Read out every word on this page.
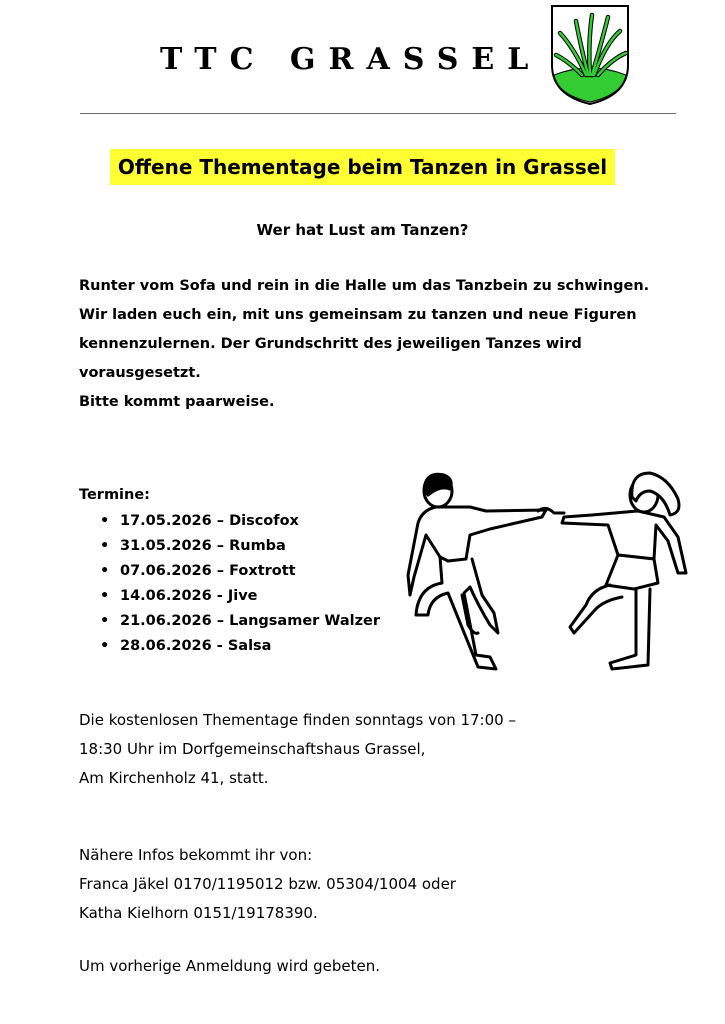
TTC GRASSEL
Offene Thementage beim Tanzen in Grassel
Wer hat Lust am Tanzen?

Runter vom Sofa und rein in die Halle um das Tanzbein zu schwingen.

Wir laden euch ein, mit uns gemeinsam zu tanzen und neue Figuren kennenzulernen. Der Grundschritt des jeweiligen Tanzes wird vorausgesetzt.

Bitte kommt paarweise.

Termine:
• 17.05.2026 – Discofox
• 31.05.2026 – Rumba
• 07.06.2026 – Foxtrott
• 14.06.2026 - Jive
• 21.06.2026 – Langsamer Walzer
• 28.06.2026 - Salsa

Die kostenlosen Thementage finden sonntags von 17:00 –

18:30 Uhr im Dorfgemeinschaftshaus Grassel,

Am Kirchenholz 41, statt.

Nähere Infos bekommt ihr von:

Franca Jäkel 0170/1195012 bzw. 05304/1004 oder

Katha Kielhorn 0151/19178390.

Um vorherige Anmeldung wird gebeten.
